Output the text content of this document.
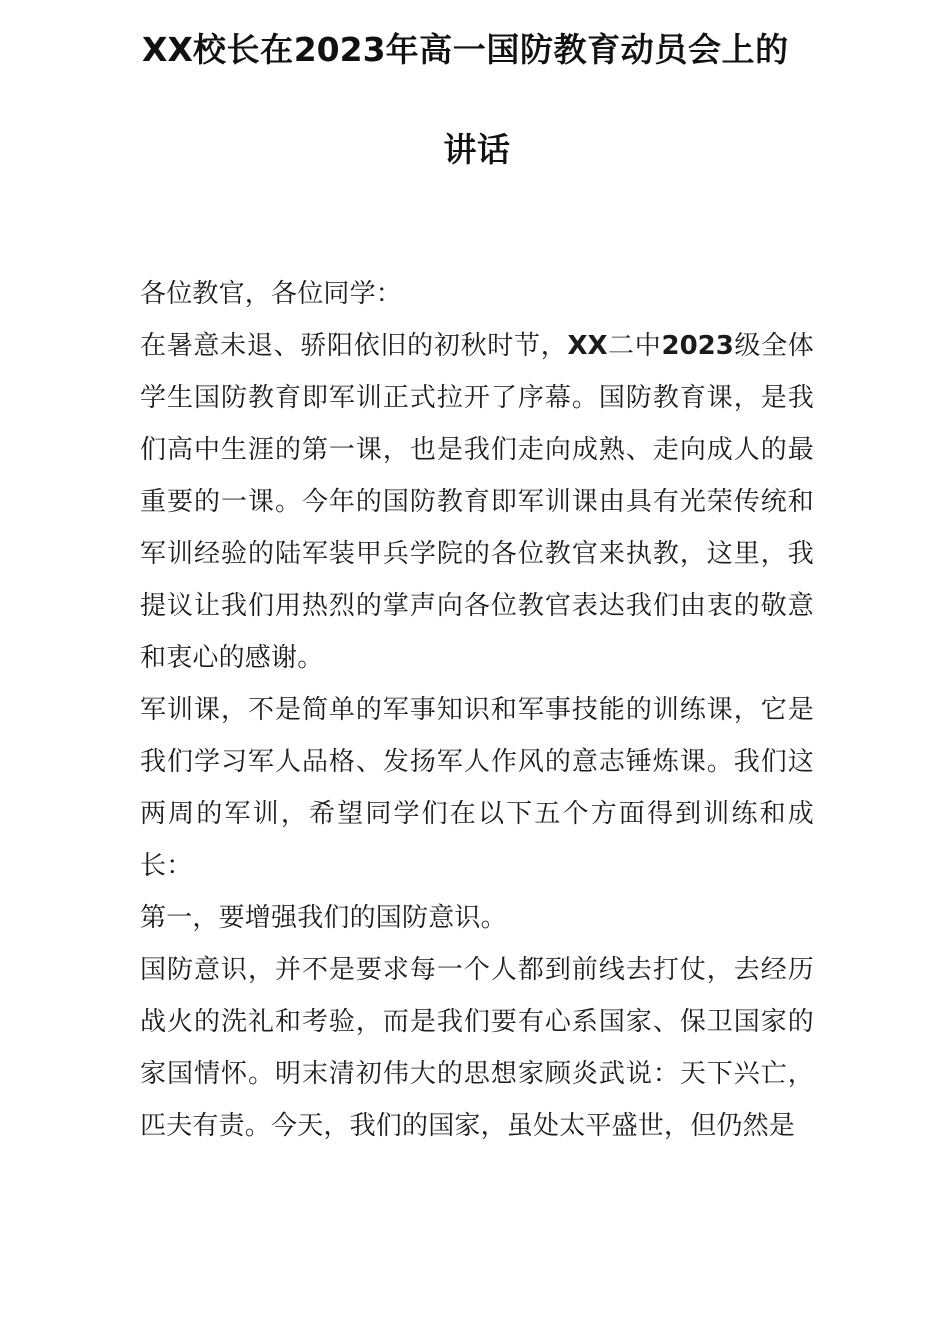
XX校长在2023年高一国防教育动员会上的
讲话

各位教官，各位同学：

在暑意未退、骄阳依旧的初秋时节，XX二中2023级全体学生国防教育即军训正式拉开了序幕。国防教育课，是我们高中生涯的第一课，也是我们走向成熟、走向成人的最重要的一课。今年的国防教育即军训课由具有光荣传统和军训经验的陆军装甲兵学院的各位教官来执教，这里，我提议让我们用热烈的掌声向各位教官表达我们由衷的敬意和衷心的感谢。

军训课，不是简单的军事知识和军事技能的训练课，它是我们学习军人品格、发扬军人作风的意志锤炼课。我们这两周的军训，希望同学们在以下五个方面得到训练和成长：

第一，要增强我们的国防意识。

国防意识，并不是要求每一个人都到前线去打仗，去经历战火的洗礼和考验，而是我们要有心系国家、保卫国家的家国情怀。明末清初伟大的思想家顾炎武说：天下兴亡，匹夫有责。今天，我们的国家，虽处太平盛世，但仍然是
